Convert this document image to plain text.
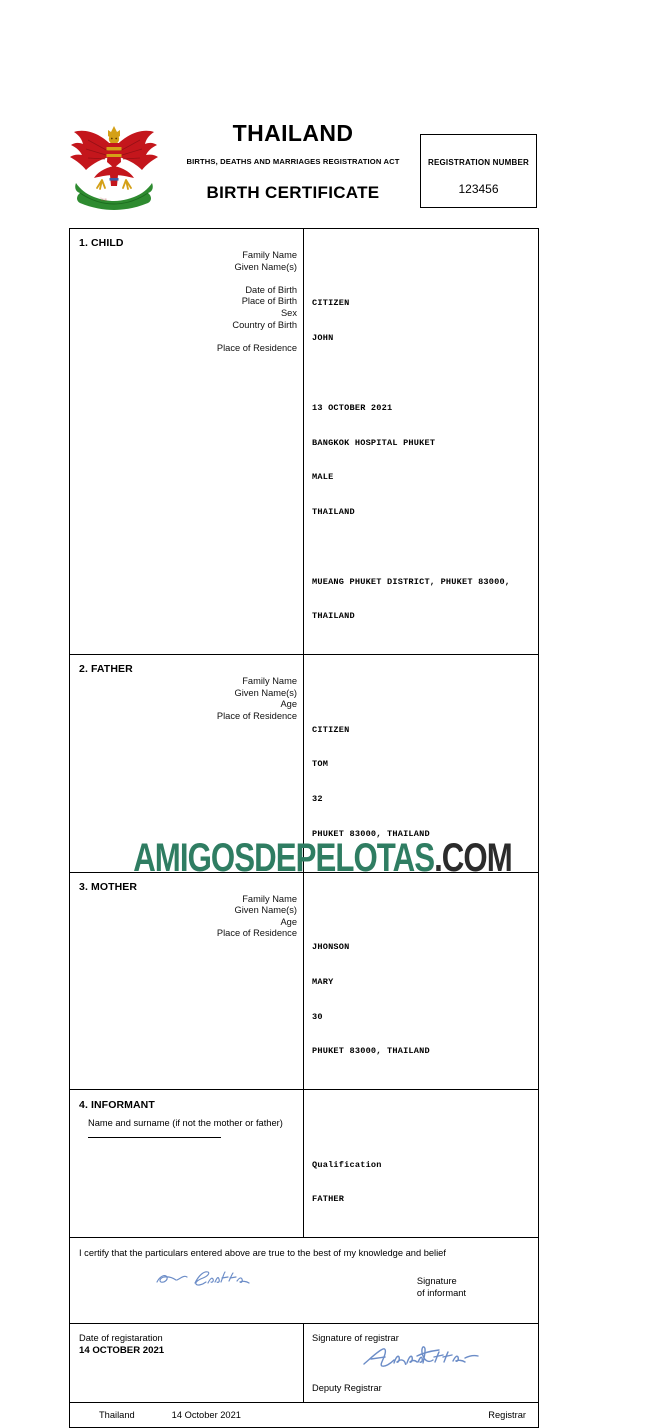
ไทย
THAILAND
BIRTHS, DEATHS AND MARRIAGES REGISTRATION ACT
BIRTH CERTIFICATE
REGISTRATION NUMBER
123456
1. CHILD
Family Name
Given Name(s)
Date of Birth
Place of Birth
Sex
Country of Birth
Place of Residence

CITIZEN

JOHN

13 OCTOBER 2021

BANGKOK HOSPITAL PHUKET

MALE

THAILAND

MUEANG PHUKET DISTRICT, PHUKET 83000,

THAILAND

2. FATHER
Family Name
Given Name(s)
Age
Place of Residence

CITIZEN

TOM

32

PHUKET 83000, THAILAND

3. MOTHER
Family Name
Given Name(s)
Age
Place of Residence

JHONSON

MARY

30

PHUKET 83000, THAILAND

4. INFORMANT
Name and surname (if not the mother or father)

Qualification

FATHER

I certify that the particulars entered above are true to the best of my knowledge and belief
Signature
of informant
Date of registaration
14 OCTOBER 2021
Signature of registrar
Deputy Registrar
Thailand	14 October 2021	Registrar
AMIGOSDEPELOTAS.COM
